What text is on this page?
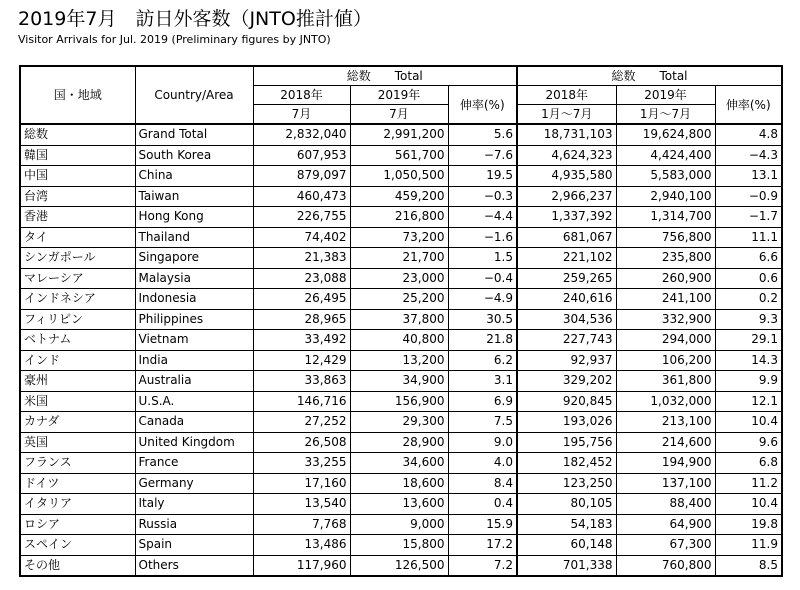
2019年7月　訪日外客数（JNTO推計値）
Visitor Arrivals for Jul. 2019 (Preliminary figures by JNTO)
国・地域	Country/Area	総数　　Total			総数　　Total		
		2018年	2019年	伸率(%)	2018年	2019年	伸率(%)
		7月	7月		1月～7月	1月～7月	
総数	Grand Total	2,832,040	2,991,200	5.6	18,731,103	19,624,800	4.8
韓国	South Korea	607,953	561,700	−7.6	4,624,323	4,424,400	−4.3
中国	China	879,097	1,050,500	19.5	4,935,580	5,583,000	13.1
台湾	Taiwan	460,473	459,200	−0.3	2,966,237	2,940,100	−0.9
香港	Hong Kong	226,755	216,800	−4.4	1,337,392	1,314,700	−1.7
タイ	Thailand	74,402	73,200	−1.6	681,067	756,800	11.1
シンガポール	Singapore	21,383	21,700	1.5	221,102	235,800	6.6
マレーシア	Malaysia	23,088	23,000	−0.4	259,265	260,900	0.6
インドネシア	Indonesia	26,495	25,200	−4.9	240,616	241,100	0.2
フィリピン	Philippines	28,965	37,800	30.5	304,536	332,900	9.3
ベトナム	Vietnam	33,492	40,800	21.8	227,743	294,000	29.1
インド	India	12,429	13,200	6.2	92,937	106,200	14.3
豪州	Australia	33,863	34,900	3.1	329,202	361,800	9.9
米国	U.S.A.	146,716	156,900	6.9	920,845	1,032,000	12.1
カナダ	Canada	27,252	29,300	7.5	193,026	213,100	10.4
英国	United Kingdom	26,508	28,900	9.0	195,756	214,600	9.6
フランス	France	33,255	34,600	4.0	182,452	194,900	6.8
ドイツ	Germany	17,160	18,600	8.4	123,250	137,100	11.2
イタリア	Italy	13,540	13,600	0.4	80,105	88,400	10.4
ロシア	Russia	7,768	9,000	15.9	54,183	64,900	19.8
スペイン	Spain	13,486	15,800	17.2	60,148	67,300	11.9
その他	Others	117,960	126,500	7.2	701,338	760,800	8.5
